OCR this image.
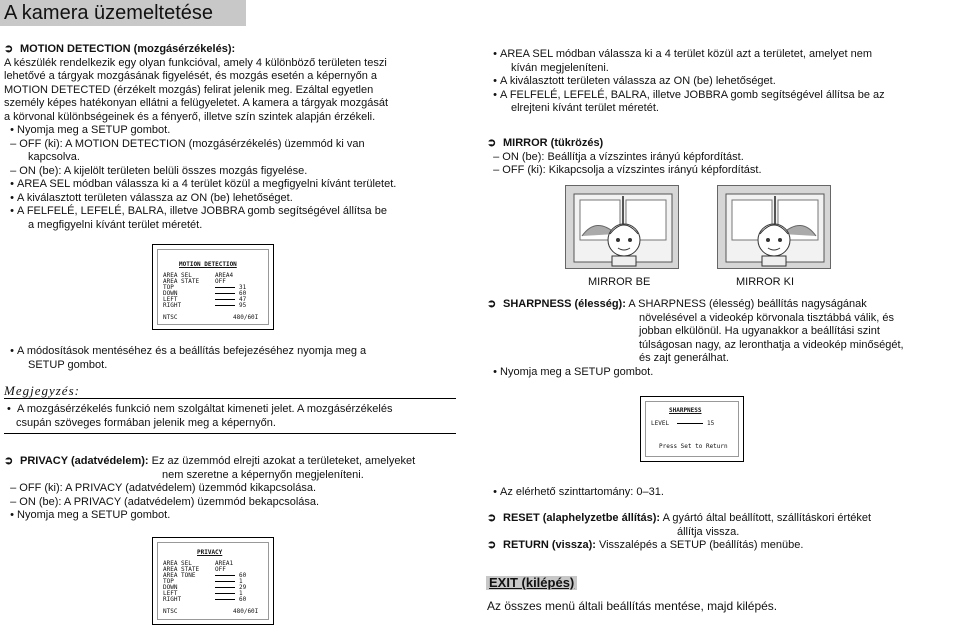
A kamera üzemeltetése

➲ MOTION DETECTION (mozgásérzékelés):

A készülék rendelkezik egy olyan funkcióval, amely 4 különböző területen teszi

lehetővé a tárgyak mozgásának figyelését, és mozgás esetén a képernyőn a

MOTION DETECTED (érzékelt mozgás) felirat jelenik meg. Ezáltal egyetlen

személy képes hatékonyan ellátni a felügyeletet. A kamera a tárgyak mozgását

a körvonal különbségeinek és a fényerő, illetve szín szintek alapján érzékeli.

• Nyomja meg a SETUP gombot.

– OFF (ki): A MOTION DETECTION (mozgásérzékelés) üzemmód ki van

kapcsolva.

– ON (be): A kijelölt területen belüli összes mozgás figyelése.

• AREA SEL módban válassza ki a 4 terület közül a megfigyelni kívánt területet.

• A kiválasztott területen válassza az ON (be) lehetőséget.

• A FELFELÉ, LEFELÉ, BALRA, illetve JOBBRA gomb segítségével állítsa be

a megfigyelni kívánt terület méretét.

MOTION DETECTION
AREA SEL	AREA4
AREA STATE	OFF
TOP	31
DOWN	60
LEFT	47
RIGHT	95
NTSC	480/60I

• A módosítások mentéséhez és a beállítás befejezéséhez nyomja meg a

SETUP gombot.

Megjegyzés:

•  A mozgásérzékelés funkció nem szolgáltat kimeneti jelet. A mozgásérzékelés

csupán szöveges formában jelenik meg a képernyőn.

➲ PRIVACY (adatvédelem): Ez az üzemmód elrejti azokat a területeket, amelyeket

nem szeretne a képernyőn megjeleníteni.

– OFF (ki): A PRIVACY (adatvédelem) üzemmód kikapcsolása.

– ON (be): A PRIVACY (adatvédelem) üzemmód bekapcsolása.

• Nyomja meg a SETUP gombot.

PRIVACY
AREA SEL	AREA1
AREA STATE	OFF
AREA TONE	60
TOP	1
DOWN	29
LEFT	1
RIGHT	60
NTSC	480/60I

• AREA SEL módban válassza ki a 4 terület közül azt a területet, amelyet nem

kíván megjeleníteni.

• A kiválasztott területen válassza az ON (be) lehetőséget.

• A FELFELÉ, LEFELÉ, BALRA, illetve JOBBRA gomb segítségével állítsa be az

elrejteni kívánt terület méretét.

➲ MIRROR (tükrözés)

– ON (be): Beállítja a vízszintes irányú képfordítást.

– OFF (ki): Kikapcsolja a vízszintes irányú képfordítást.

MIRROR BE	MIRROR KI

➲ SHARPNESS (élesség): A SHARPNESS (élesség) beállítás nagyságának

növelésével a videokép körvonala tisztábbá válik, és

jobban elkülönül. Ha ugyanakkor a beállítási szint

túlságosan nagy, az leronthatja a videokép minőségét,

és zajt generálhat.

• Nyomja meg a SETUP gombot.

SHARPNESS
LEVEL	15
Press Set to Return

• Az elérhető szinttartomány: 0–31.

➲ RESET (alaphelyzetbe állítás): A gyártó által beállított, szállításkori értéket

állítja vissza.

➲ RETURN (vissza): Visszalépés a SETUP (beállítás) menübe.

EXIT (kilépés)
Az összes menü általi beállítás mentése, majd kilépés.
